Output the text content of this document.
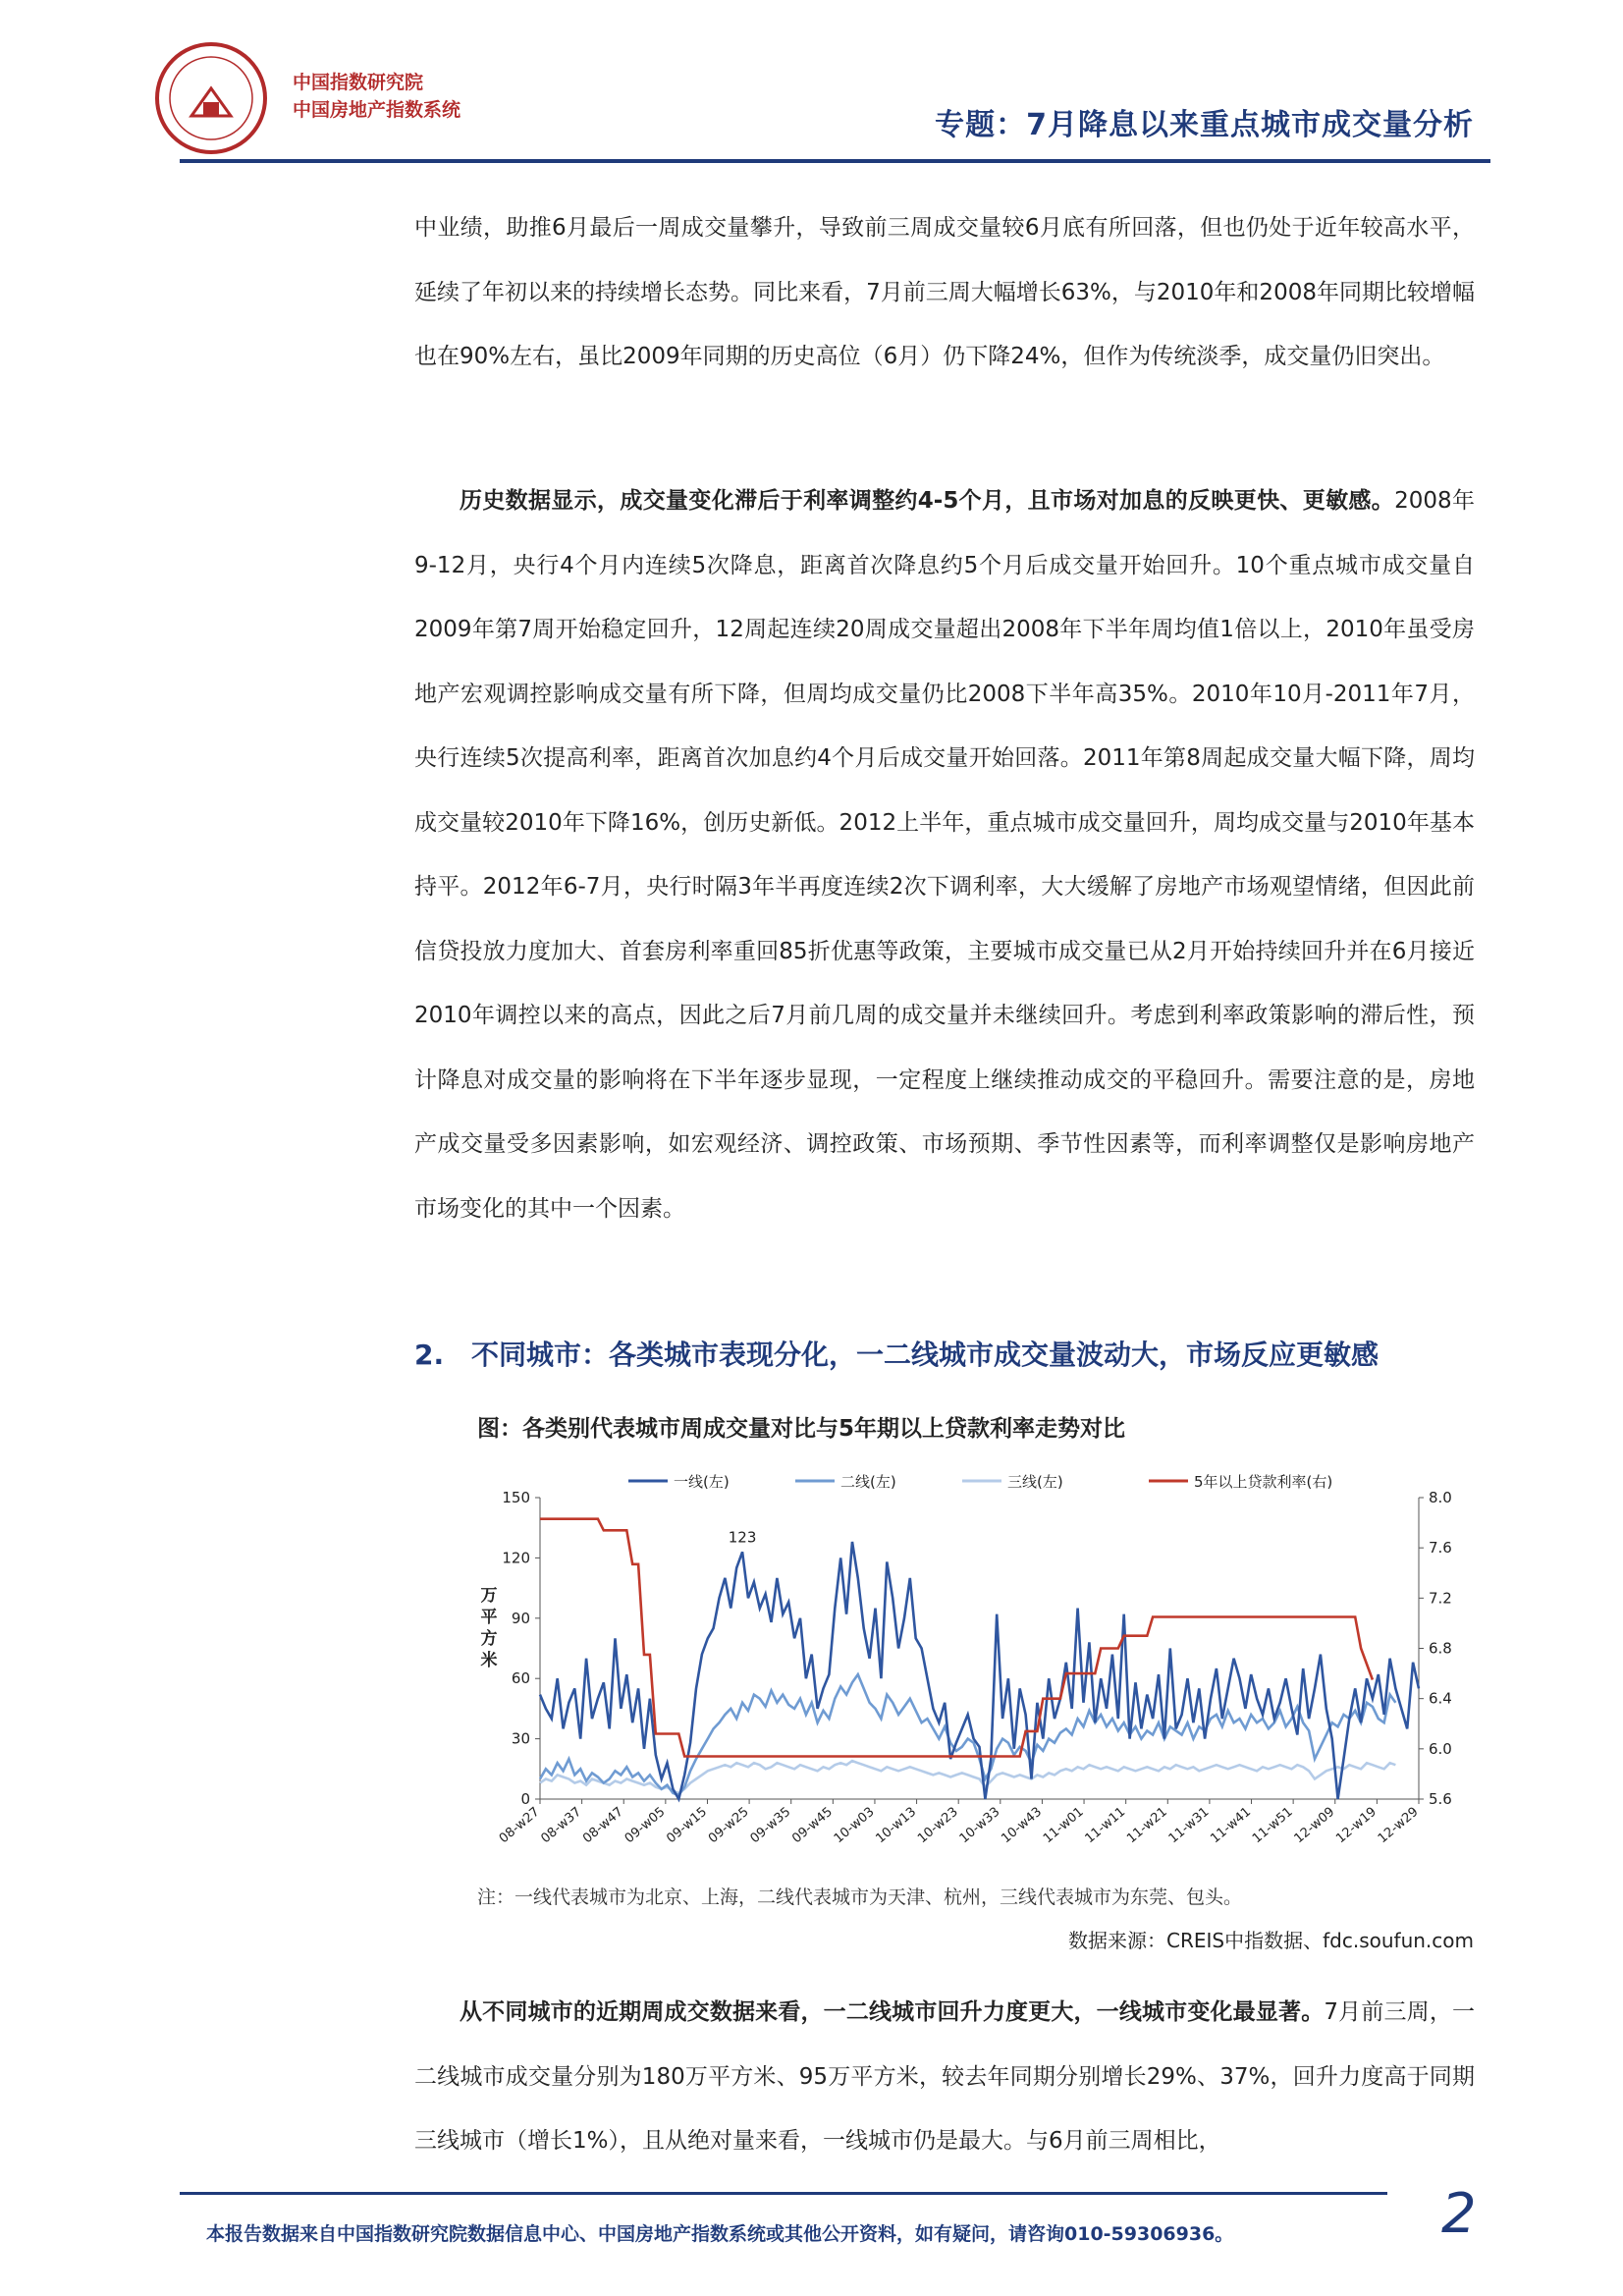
中国指数研究院
中国房地产指数系统	专题：7月降息以来重点城市成交量分析

中业绩，助推6月最后一周成交量攀升，导致前三周成交量较6月底有所回落，但也仍处于近年较高水平，延续了年初以来的持续增长态势。同比来看，7月前三周大幅增长63%，与2010年和2008年同期比较增幅也在90%左右，虽比2009年同期的历史高位（6月）仍下降24%，但作为传统淡季，成交量仍旧突出。

历史数据显示，成交量变化滞后于利率调整约4-5个月，且市场对加息的反映更快、更敏感。2008年9-12月，央行4个月内连续5次降息，距离首次降息约5个月后成交量开始回升。10个重点城市成交量自2009年第7周开始稳定回升，12周起连续20周成交量超出2008年下半年周均值1倍以上，2010年虽受房地产宏观调控影响成交量有所下降，但周均成交量仍比2008下半年高35%。2010年10月-2011年7月，央行连续5次提高利率，距离首次加息约4个月后成交量开始回落。2011年第8周起成交量大幅下降，周均成交量较2010年下降16%，创历史新低。2012上半年，重点城市成交量回升，周均成交量与2010年基本持平。2012年6-7月，央行时隔3年半再度连续2次下调利率，大大缓解了房地产市场观望情绪，但因此前信贷投放力度加大、首套房利率重回85折优惠等政策，主要城市成交量已从2月开始持续回升并在6月接近2010年调控以来的高点，因此之后7月前几周的成交量并未继续回升。考虑到利率政策影响的滞后性，预计降息对成交量的影响将在下半年逐步显现，一定程度上继续推动成交的平稳回升。需要注意的是，房地产成交量受多因素影响，如宏观经济、调控政策、市场预期、季节性因素等，而利率调整仅是影响房地产市场变化的其中一个因素。

2. 不同城市：各类城市表现分化，一二线城市成交量波动大，市场反应更敏感
图：各类别代表城市周成交量对比与5年期以上贷款利率走势对比
0
30
60
90
120
150
5.6
6.0
6.4
6.8
7.2
7.6
8.0
08-w27
08-w37
08-w47
09-w05
09-w15
09-w25
09-w35
09-w45
10-w03
10-w13
10-w23
10-w33
10-w43
11-w01
11-w11
11-w21
11-w31
11-w41
11-w51
12-w09
12-w19
12-w29
万
平
方
米
123
一线(左)	二线(左)	三线(左)	5年以上贷款利率(右)
注：一线代表城市为北京、上海，二线代表城市为天津、杭州，三线代表城市为东莞、包头。
数据来源：CREIS中指数据、fdc.soufun.com

从不同城市的近期周成交数据来看，一二线城市回升力度更大，一线城市变化最显著。7月前三周，一二线城市成交量分别为180万平方米、95万平方米，较去年同期分别增长29%、37%，回升力度高于同期三线城市（增长1%），且从绝对量来看，一线城市仍是最大。与6月前三周相比，

本报告数据来自中国指数研究院数据信息中心、中国房地产指数系统或其他公开资料，如有疑问，请咨询010-59306936。	2
